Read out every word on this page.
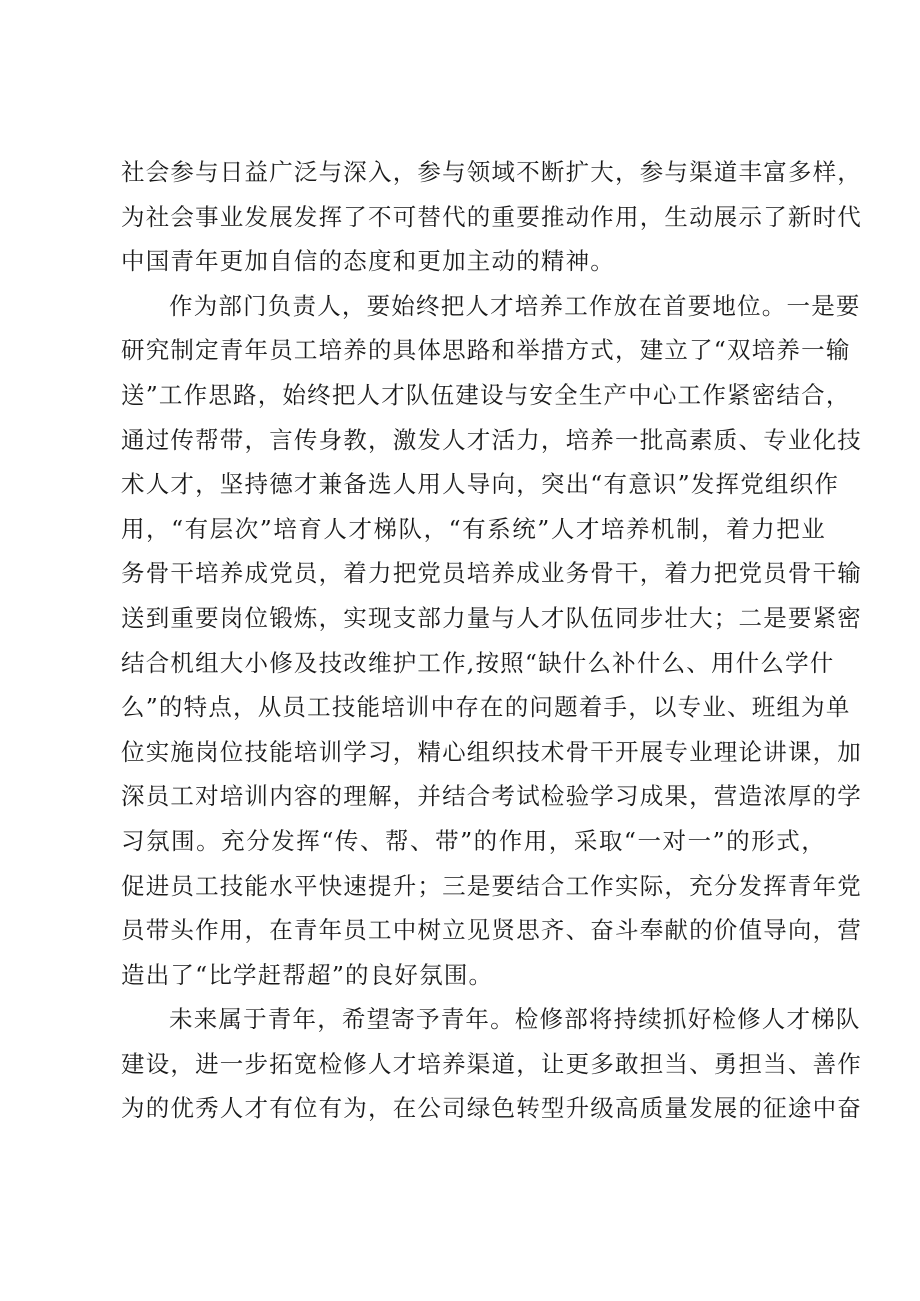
社会参与日益广泛与深入，参与领域不断扩大，参与渠道丰富多样，
为社会事业发展发挥了不可替代的重要推动作用，生动展示了新时代
中国青年更加自信的态度和更加主动的精神。
作为部门负责人，要始终把人才培养工作放在首要地位。一是要
研究制定青年员工培养的具体思路和举措方式，建立了“双培养一输
送”工作思路，始终把人才队伍建设与安全生产中心工作紧密结合，
通过传帮带，言传身教，激发人才活力，培养一批高素质、专业化技
术人才，坚持德才兼备选人用人导向，突出“有意识”发挥党组织作
用，“有层次”培育人才梯队，“有系统”人才培养机制，着力把业
务骨干培养成党员，着力把党员培养成业务骨干，着力把党员骨干输
送到重要岗位锻炼，实现支部力量与人才队伍同步壮大；二是要紧密
结合机组大小修及技改维护工作,按照“缺什么补什么、用什么学什
么”的特点，从员工技能培训中存在的问题着手，以专业、班组为单
位实施岗位技能培训学习，精心组织技术骨干开展专业理论讲课，加
深员工对培训内容的理解，并结合考试检验学习成果，营造浓厚的学
习氛围。充分发挥“传、帮、带”的作用，采取“一对一”的形式，
促进员工技能水平快速提升；三是要结合工作实际，充分发挥青年党
员带头作用，在青年员工中树立见贤思齐、奋斗奉献的价值导向，营
造出了“比学赶帮超”的良好氛围。
未来属于青年，希望寄予青年。检修部将持续抓好检修人才梯队
建设，进一步拓宽检修人才培养渠道，让更多敢担当、勇担当、善作
为的优秀人才有位有为，在公司绿色转型升级高质量发展的征途中奋
